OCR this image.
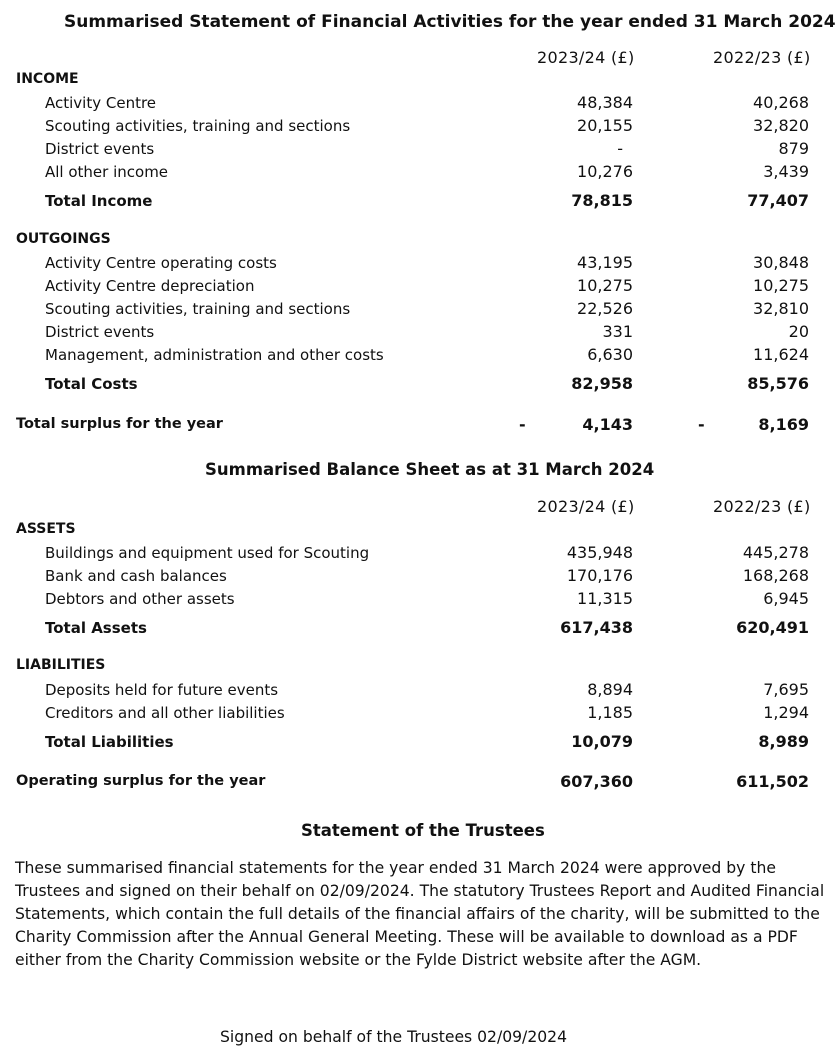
Summarised Statement of Financial Activities for the year ended 31 March 2024
2023/24 (£)	2022/23 (£)
INCOME
Activity Centre	48,384	40,268
Scouting activities, training and sections	20,155	32,820
District events	-	879
All other income	10,276	3,439
Total Income	78,815	77,407
OUTGOINGS
Activity Centre operating costs	43,195	30,848
Activity Centre depreciation	10,275	10,275
Scouting activities, training and sections	22,526	32,810
District events	331	20
Management, administration and other costs	6,630	11,624
Total Costs	82,958	85,576
Total surplus for the year	-	4,143	-	8,169
Summarised Balance Sheet as at 31 March 2024
2023/24 (£)	2022/23 (£)
ASSETS
Buildings and equipment used for Scouting	435,948	445,278
Bank and cash balances	170,176	168,268
Debtors and other assets	11,315	6,945
Total Assets	617,438	620,491
LIABILITIES
Deposits held for future events	8,894	7,695
Creditors and all other liabilities	1,185	1,294
Total Liabilities	10,079	8,989
Operating surplus for the year	607,360	611,502
Statement of the Trustees
These summarised financial statements for the year ended 31 March 2024 were approved by the Trustees and signed on their behalf on 02/09/2024. The statutory Trustees Report and Audited Financial Statements, which contain the full details of the financial affairs of the charity, will be submitted to the Charity Commission after the Annual General Meeting. These will be available to download as a PDF either from the Charity Commission website or the Fylde District website after the AGM.
Signed on behalf of the Trustees 02/09/2024
